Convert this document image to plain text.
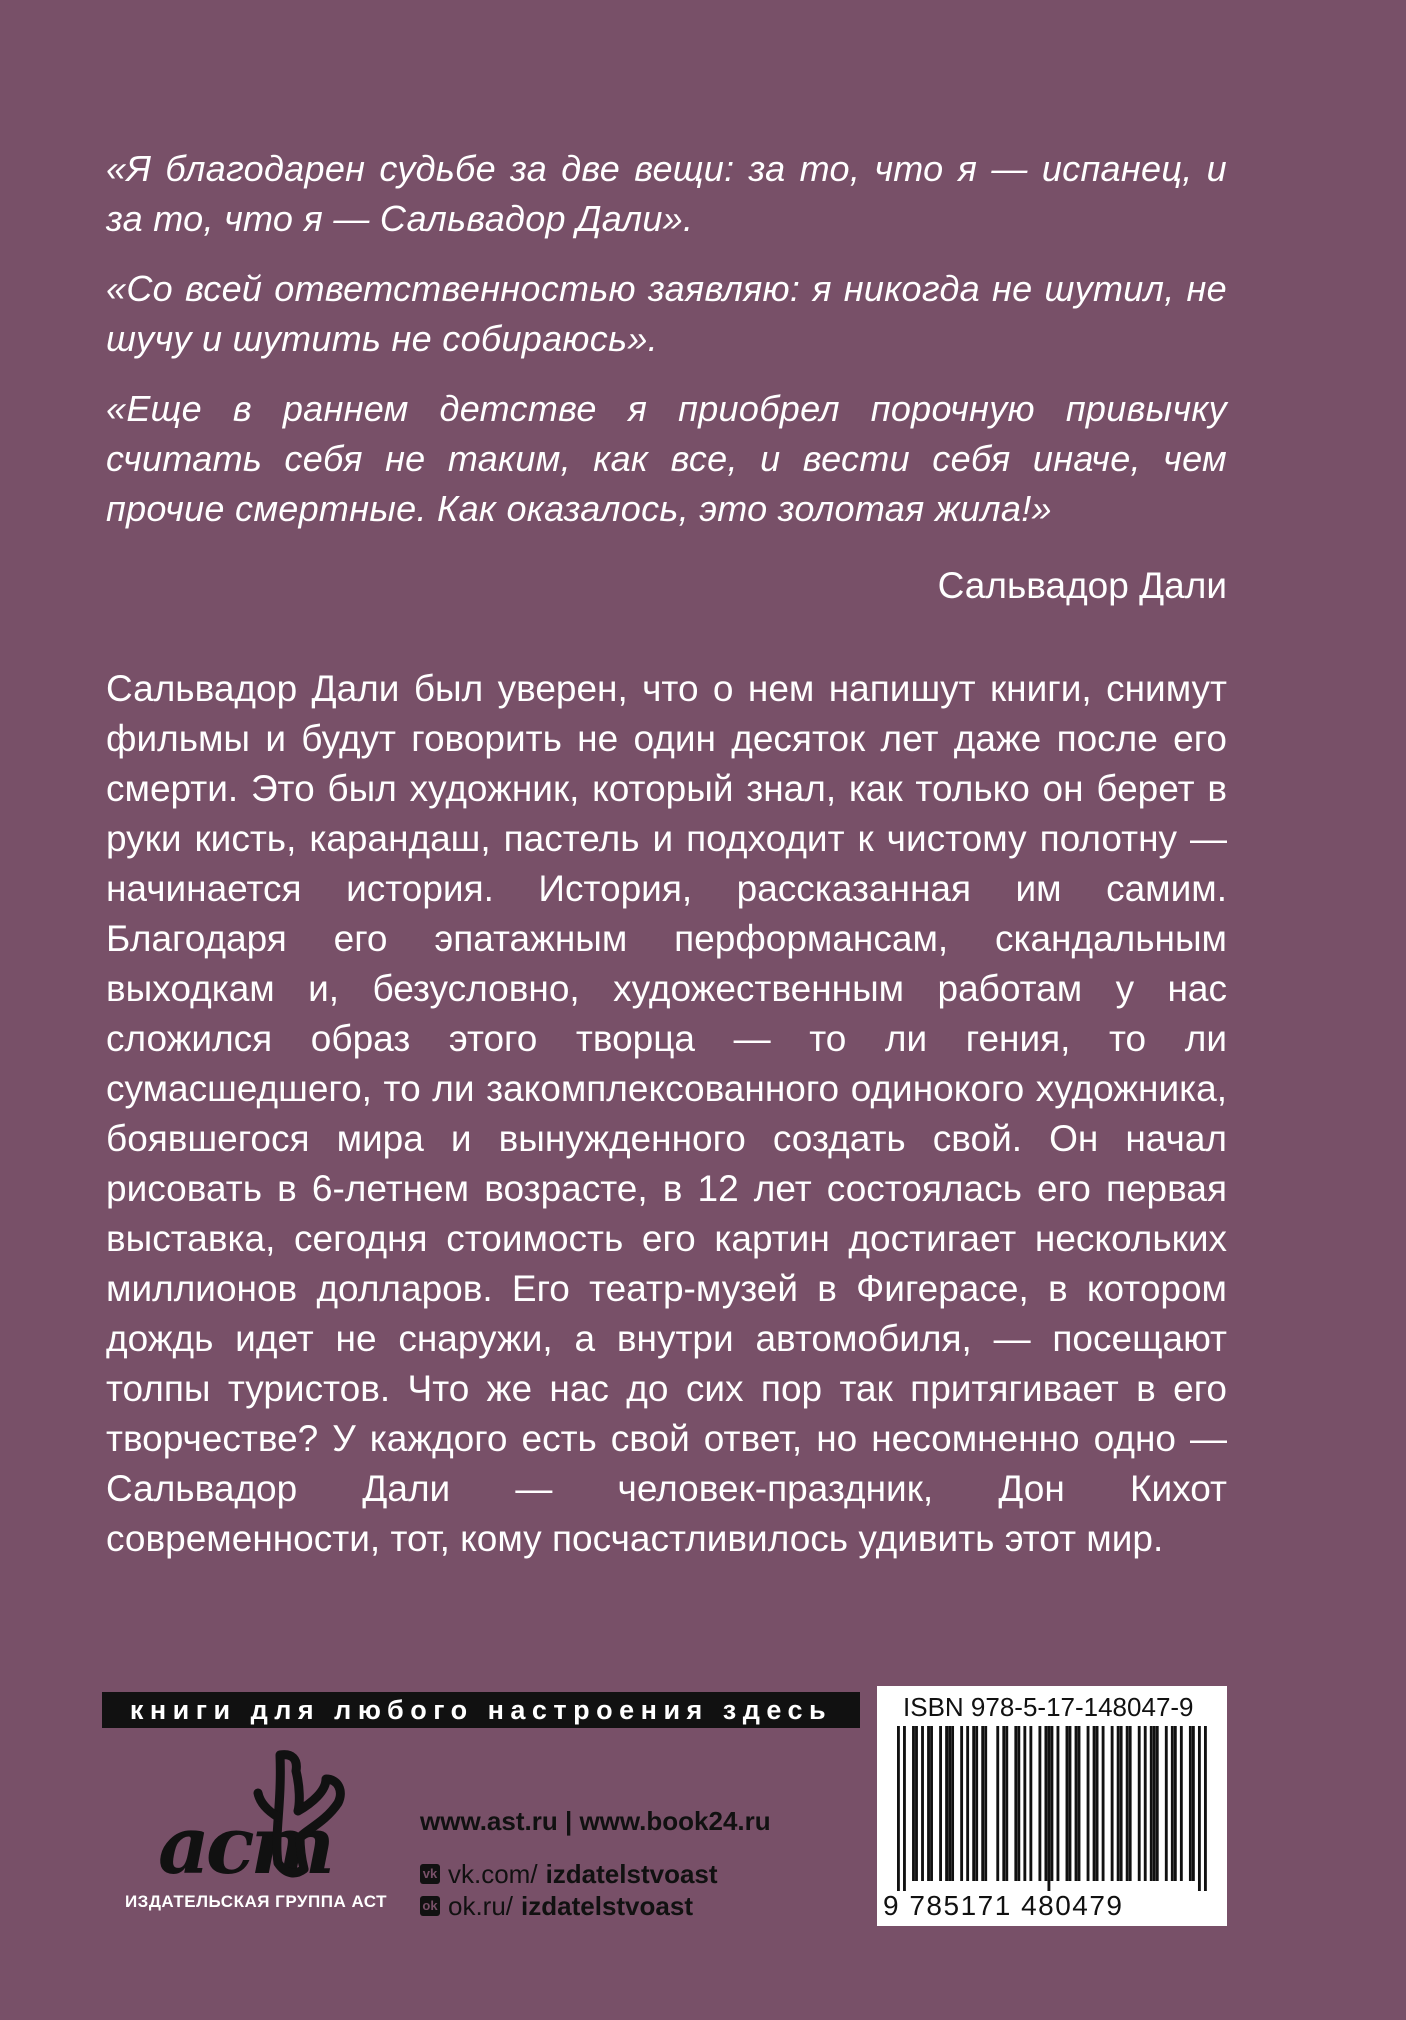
«Я благодарен судьбе за две вещи: за то, что я — испанец, и за то, что я — Сальвадор Дали».

«Со всей ответственностью заявляю: я никогда не шутил, не шучу и шутить не собираюсь».

«Еще в раннем детстве я приобрел порочную привычку считать себя не таким, как все, и вести себя иначе, чем прочие смертные. Как оказалось, это золотая жила!»

Сальвадор Дали

Сальвадор Дали был уверен, что о нем напишут книги, снимут фильмы и будут говорить не один десяток лет даже после его смерти. Это был художник, который знал, как только он берет в руки кисть, карандаш, пастель и подходит к чистому полотну — начинается история. История, рассказанная им самим. Благодаря его эпатажным перформансам, скандальным выходкам и, безусловно, художественным работам у нас сложился образ этого творца — то ли гения, то ли сумасшедшего, то ли закомплексованного одинокого художника, боявшегося мира и вынужденного создать свой. Он начал рисовать в 6-летнем возрасте, в 12 лет состоялась его первая выставка, сегодня стоимость его картин достигает нескольких миллионов долларов. Его театр-музей в Фигерасе, в котором дождь идет не снаружи, а внутри автомобиля, — посещают толпы туристов. Что же нас до сих пор так притягивает в его творчестве? У каждого есть свой ответ, но несомненно одно — Сальвадор Дали — человек-праздник, Дон Кихот современности, тот, кому посчастливилось удивить этот мир.

книги для любого настроения здесь
аст
ИЗДАТЕЛЬСКАЯ ГРУППА АСТ
www.ast.ru | www.book24.ru
vk vk.com/ izdatelstvoast
ok ok.ru/ izdatelstvoast
ISBN 978-5-17-148047-9
9 785171 480479
